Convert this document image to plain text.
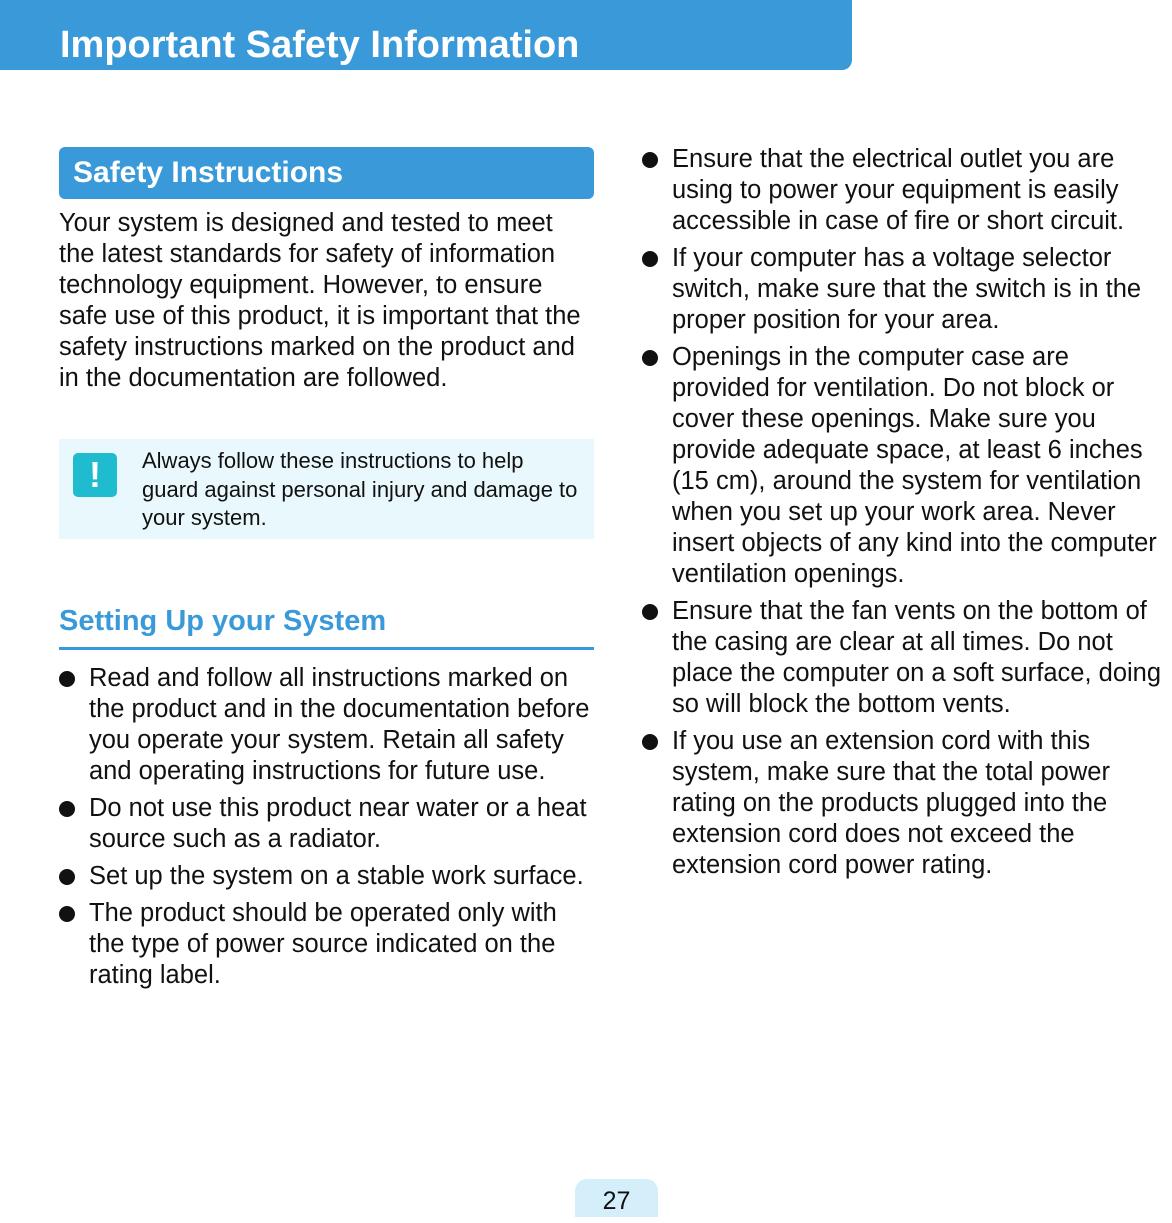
Important Safety Information
Safety Instructions

Your system is designed and tested to meet the latest standards for safety of information technology equipment. However, to ensure safe use of this product, it is important that the safety instructions marked on the product and in the documentation are followed.

!	Always follow these instructions to help guard against personal injury and damage to your system.

Setting Up your System
Read and follow all instructions marked on the product and in the documentation before you operate your system. Retain all safety and operating instructions for future use.
Do not use this product near water or a heat source such as a radiator.
Set up the system on a stable work surface.
The product should be operated only with the type of power source indicated on the rating label.
Ensure that the electrical outlet you are using to power your equipment is easily accessible in case of fire or short circuit.
If your computer has a voltage selector switch, make sure that the switch is in the proper position for your area.
Openings in the computer case are provided for ventilation. Do not block or cover these openings. Make sure you provide adequate space, at least 6 inches (15 cm), around the system for ventilation when you set up your work area. Never insert objects of any kind into the computer ventilation openings.
Ensure that the fan vents on the bottom of the casing are clear at all times. Do not place the computer on a soft surface, doing so will block the bottom vents.
If you use an extension cord with this system, make sure that the total power rating on the products plugged into the extension cord does not exceed the extension cord power rating.
27
